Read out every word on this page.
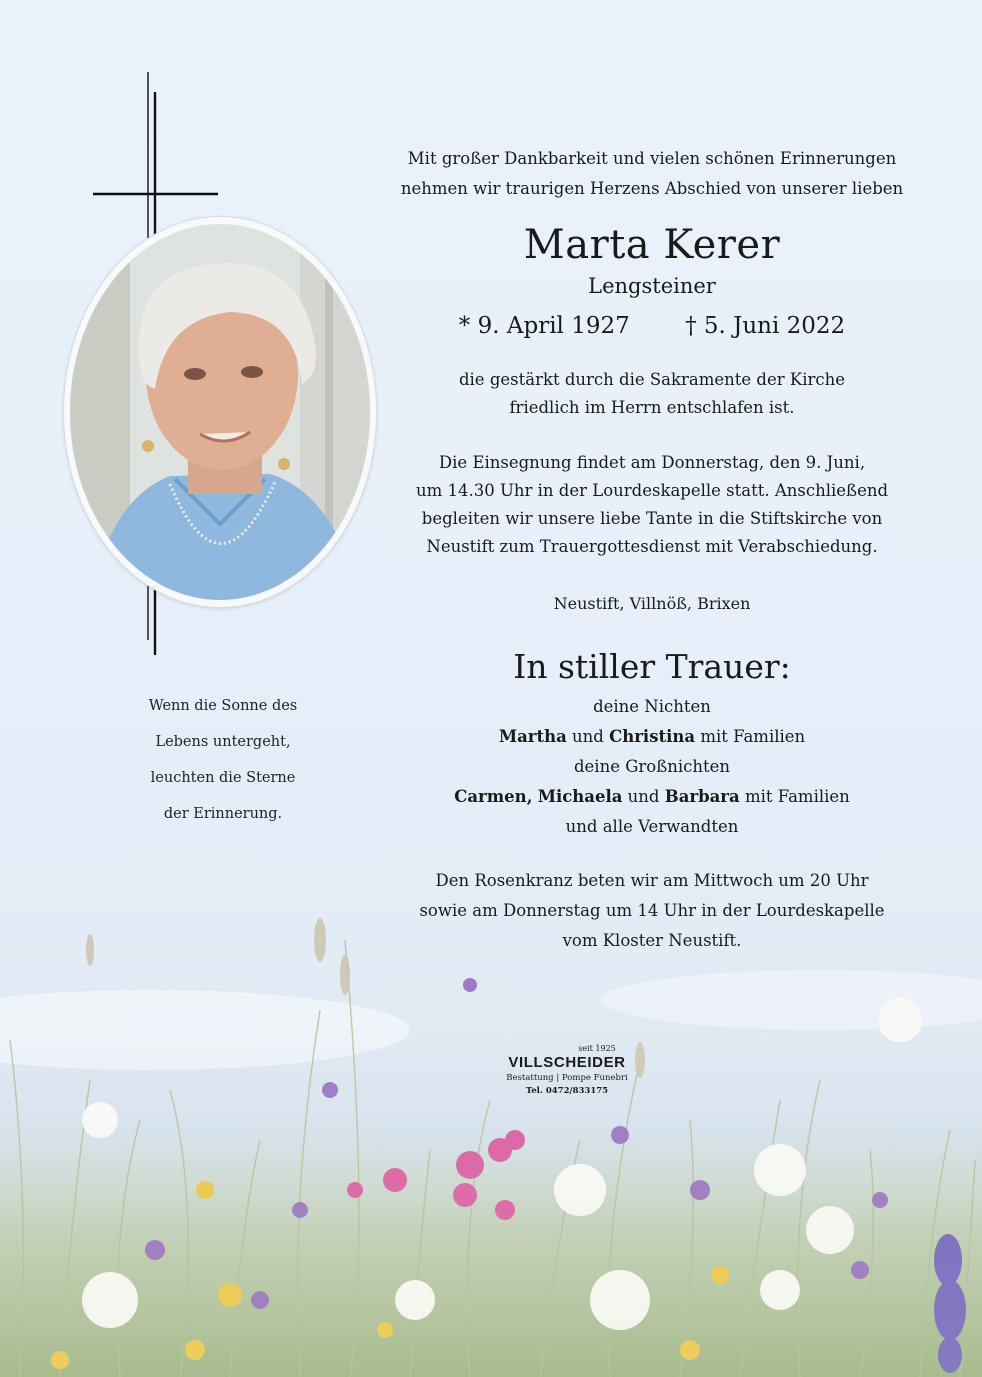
Wenn die Sonne des
Lebens untergeht,
leuchten die Sterne
der Erinnerung.
Mit großer Dankbarkeit und vielen schönen Erinnerungen
nehmen wir traurigen Herzens Abschied von unserer lieben
Marta Kerer
Lengsteiner
* 9. April 1927 † 5. Juni 2022
die gestärkt durch die Sakramente der Kirche
friedlich im Herrn entschlafen ist.
Die Einsegnung findet am Donnerstag, den 9. Juni,
um 14.30 Uhr in der Lourdeskapelle statt. Anschließend
begleiten wir unsere liebe Tante in die Stiftskirche von
Neustift zum Trauergottesdienst mit Verabschiedung.
Neustift, Villnöß, Brixen
In stiller Trauer:
deine Nichten
Martha und Christina mit Familien
deine Großnichten
Carmen, Michaela und Barbara mit Familien
und alle Verwandten
Den Rosenkranz beten wir am Mittwoch um 20 Uhr
sowie am Donnerstag um 14 Uhr in der Lourdeskapelle
vom Kloster Neustift.
seit 1925
VILLSCHEIDER
Bestattung | Pompe Funebri
Tel. 0472/833175
